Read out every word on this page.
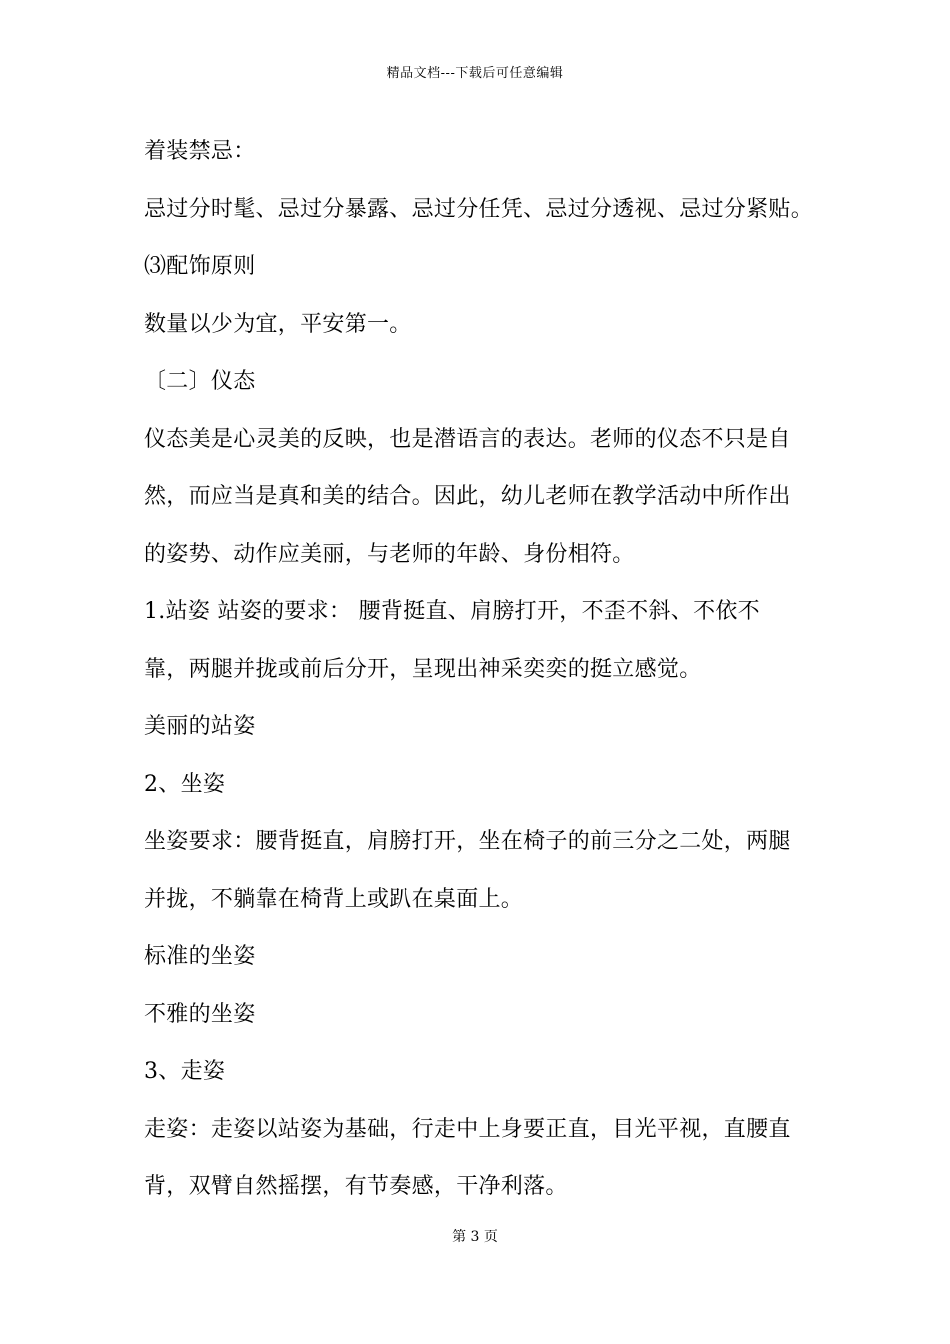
精品文档---下载后可任意编辑
着装禁忌：
忌过分时髦、忌过分暴露、忌过分任凭、忌过分透视、忌过分紧贴。
⑶配饰原则
数量以少为宜，平安第一。
〔二〕仪态
仪态美是心灵美的反映，也是潜语言的表达。老师的仪态不只是自
然，而应当是真和美的结合。因此，幼儿老师在教学活动中所作出
的姿势、动作应美丽，与老师的年龄、身份相符。
1.站姿 站姿的要求： 腰背挺直、肩膀打开，不歪不斜、不依不
靠，两腿并拢或前后分开，呈现出神采奕奕的挺立感觉。
美丽的站姿
2、坐姿
坐姿要求：腰背挺直，肩膀打开，坐在椅子的前三分之二处，两腿
并拢，不躺靠在椅背上或趴在桌面上。
标准的坐姿
不雅的坐姿
3、走姿
走姿：走姿以站姿为基础，行走中上身要正直，目光平视，直腰直
背，双臂自然摇摆，有节奏感，干净利落。
第 3 页
